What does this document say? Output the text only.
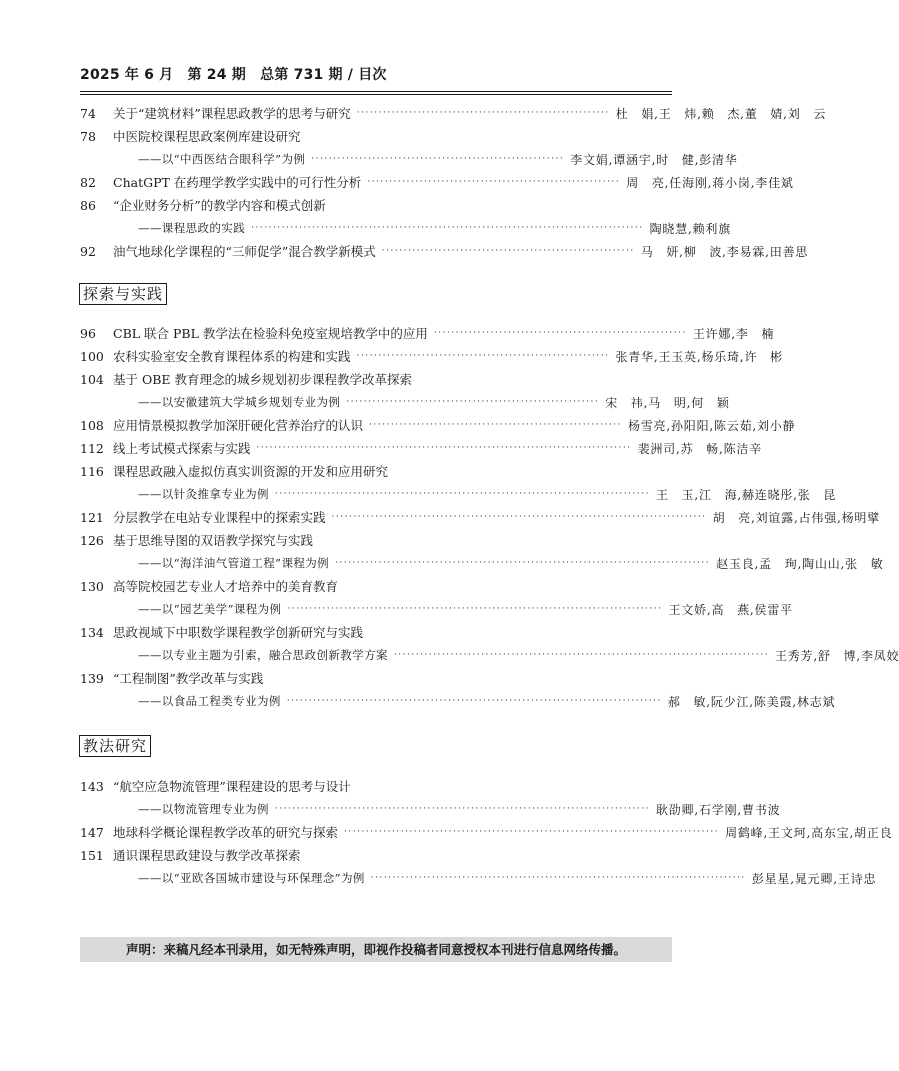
2025 年 6 月　第 24 期　总第 731 期 / 目次
探索与实践
教法研究
74	关于“建筑材料”课程思政教学的思考与研究 ·························································· 杜　娟,王　炜,赖　杰,董　婧,刘　云
78	中医院校课程思政案例库建设研究
——以“中西医结合眼科学”为例 ·························································· 李文娟,谭涵宇,时　健,彭清华
82	ChatGPT 在药理学教学实践中的可行性分析 ·························································· 周　亮,任海刚,蒋小岗,李佳斌
86	“企业财务分析”的教学内容和模式创新
——课程思政的实践 ·························································································· 陶晓慧,赖利旗
92	油气地球化学课程的“三师促学”混合教学新模式 ·························································· 马　妍,柳　波,李易霖,田善思
96	CBL 联合 PBL 教学法在检验科免疫室规培教学中的应用 ·························································· 王许娜,李　楠
100 农科实验室安全教育课程体系的构建和实践 ·························································· 张青华,王玉英,杨乐琦,许　彬
104 基于 OBE 教育理念的城乡规划初步课程教学改革探索
——以安徽建筑大学城乡规划专业为例 ·························································· 宋　祎,马　明,何　颖
108 应用情景模拟教学加深肝硬化营养治疗的认识 ·························································· 杨雪亮,孙阳阳,陈云茹,刘小静
112 线上考试模式探索与实践 ······················································································ 裴洲司,苏　畅,陈洁辛
116 课程思政融入虚拟仿真实训资源的开发和应用研究
——以针灸推拿专业为例 ······················································································ 王　玉,江　海,赫连晓彤,张　昆
121 分层教学在电站专业课程中的探索实践 ······················································································ 胡　亮,刘谊露,占伟强,杨明擘
126 基于思维导图的双语教学探究与实践
——以“海洋油气管道工程”课程为例 ······················································································ 赵玉良,孟　珣,陶山山,张　敏
130 高等院校园艺专业人才培养中的美育教育
——以“园艺美学”课程为例 ······················································································ 王文娇,高　燕,侯雷平
134 思政视域下中职数学课程教学创新研究与实践
——以专业主题为引索，融合思政创新教学方案 ······················································································ 王秀芳,舒　博,李凤姣
139 “工程制图”教学改革与实践
——以食品工程类专业为例 ······················································································ 郝　敏,阮少江,陈美霞,林志斌
143 “航空应急物流管理”课程建设的思考与设计
——以物流管理专业为例 ······················································································ 耿劭卿,石学刚,曹书波
147 地球科学概论课程教学改革的研究与探索 ······················································································ 周鹤峰,王文珂,高东宝,胡正良
151 通识课程思政建设与教学改革探索
——以“亚欧各国城市建设与环保理念”为例 ······················································································ 彭星星,晁元卿,王诗忠
声明：来稿凡经本刊录用，如无特殊声明，即视作投稿者同意授权本刊进行信息网络传播。
